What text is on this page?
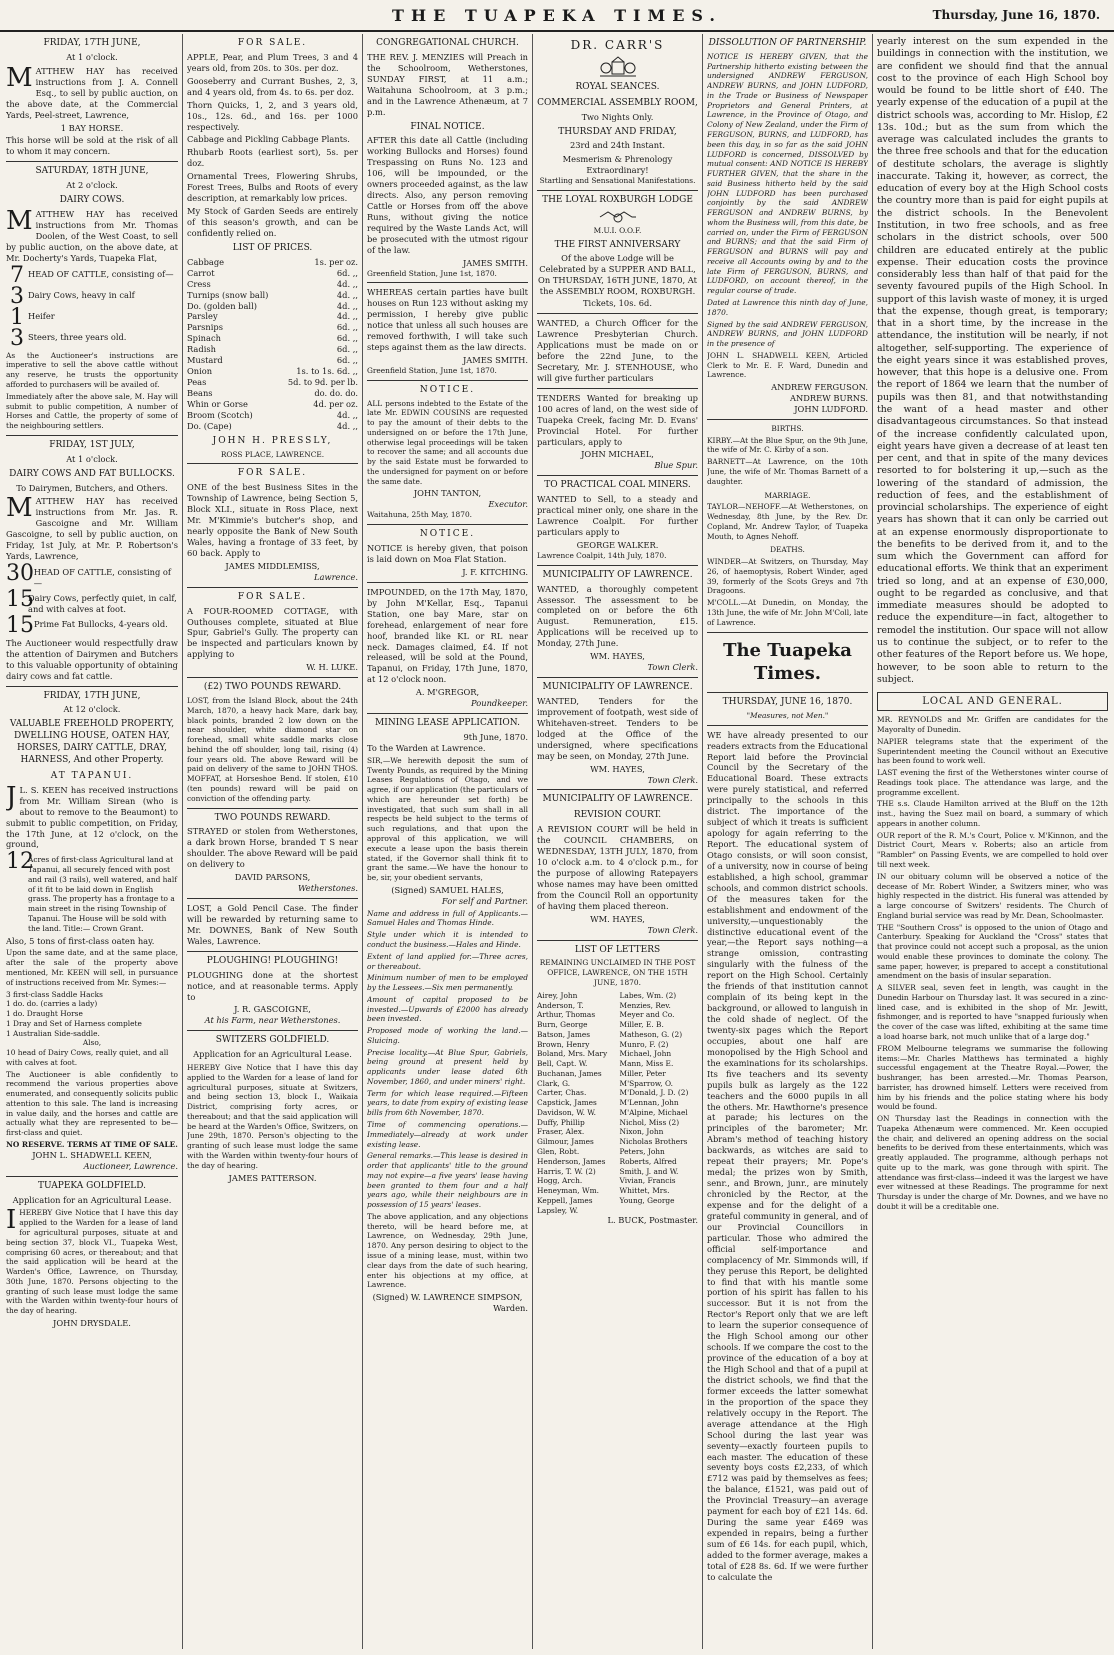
THE TUAPEKA TIMES.	Thursday, June 16, 1870.
FRIDAY, 17TH JUNE,
At 1 o'clock.
MATTHEW HAY has received instructions from J. A. Connell Esq., to sell by public auction, on the above date, at the Commercial Yards, Peel-street, Lawrence,
1 BAY HORSE.
This horse will be sold at the risk of all to whom it may concern.
SATURDAY, 18TH JUNE,
At 2 o'clock.
DAIRY COWS.
MATTHEW HAY has received instructions from Mr. Thomas Doolen, of the West Coast, to sell by public auction, on the above date, at Mr. Docherty's Yards, Tuapeka Flat,
7 HEAD OF CATTLE, consisting of—
3 Dairy Cows, heavy in calf
1 Heifer
3 Steers, three years old.
As the Auctioneer's instructions are imperative to sell the above cattle without any reserve, he trusts the opportunity afforded to purchasers will be availed of.
Immediately after the above sale, M. Hay will submit to public competition, A number of Horses and Cattle, the property of some of the neighbouring settlers.
FRIDAY, 1ST JULY,
At 1 o'clock.
DAIRY COWS AND FAT BULLOCKS.
To Dairymen, Butchers, and Others.
MATTHEW HAY has received instructions from Mr. Jas. R. Gascoigne and Mr. William Gascoigne, to sell by public auction, on Friday, 1st July, at Mr. P. Robertson's Yards, Lawrence,
30 HEAD OF CATTLE, consisting of—
15
Dairy Cows, perfectly quiet, in calf, and with calves at foot.
15 Prime Fat Bullocks, 4-years old.
The Auctioneer would respectfully draw the attention of Dairymen and Butchers to this valuable opportunity of obtaining dairy cows and fat cattle.
FRIDAY, 17TH JUNE,
At 12 o'clock.
VALUABLE FREEHOLD PROPERTY, DWELLING HOUSE, OATEN HAY, HORSES, DAIRY CATTLE, DRAY, HARNESS, And other Property.
AT TAPANUI.
J L. S. KEEN has received instructions from Mr. William Sirean (who is about to remove to the Beaumont) to submit to public competition, on Friday, the 17th June, at 12 o'clock, on the ground,
12
Acres of first-class Agricultural land at Tapanui, all securely fenced with post and rail (3 rails), well watered, and half of it fit to be laid down in English grass. The property has a frontage to a main street in the rising Township of Tapanui. The House will be sold with the land. Title:— Crown Grant.
Also, 5 tons of first-class oaten hay.
Upon the same date, and at the same place, after the sale of the property above mentioned, Mr. KEEN will sell, in pursuance of instructions received from Mr. Symes:—
3 first-class Saddle Hacks
1 do. do. (carries a lady)
1 do. Draught Horse
1 Dray and Set of Harness complete
1 Australian Side-saddle.
Also,
10 head of Dairy Cows, really quiet, and all with calves at foot.
The Auctioneer is able confidently to recommend the various properties above enumerated, and consequently solicits public attention to this sale. The land is increasing in value daily, and the horses and cattle are actually what they are represented to be—first-class and quiet.
NO RESERVE. TERMS AT TIME OF SALE.
JOHN L. SHADWELL KEEN,
Auctioneer, Lawrence.
TUAPEKA GOLDFIELD.
Application for an Agricultural Lease.
IHEREBY Give Notice that I have this day applied to the Warden for a lease of land for agricultural purposes, situate at and being section 37, block VI., Tuapeka West, comprising 60 acres, or thereabout; and that the said application will be heard at the Warden's Office, Lawrence, on Thursday, 30th June, 1870. Persons objecting to the granting of such lease must lodge the same with the Warden within twenty-four hours of the day of hearing.
JOHN DRYSDALE.
FOR SALE.
APPLE, Pear, and Plum Trees, 3 and 4 years old, from 20s. to 30s. per doz.
Gooseberry and Currant Bushes, 2, 3, and 4 years old, from 4s. to 6s. per doz.
Thorn Quicks, 1, 2, and 3 years old, 10s., 12s. 6d., and 16s. per 1000 respectively.
Cabbage and Pickling Cabbage Plants.
Rhubarb Roots (earliest sort), 5s. per doz.
Ornamental Trees, Flowering Shrubs, Forest Trees, Bulbs and Roots of every description, at remarkably low prices.
My Stock of Garden Seeds are entirely of this season's growth, and can be confidently relied on.
LIST OF PRICES.
Cabbage	1s. per oz.
Carrot	6d. ,,
Cress	4d. ,,
Turnips (snow ball)	4d. ,,
Do. (golden ball)	4d. ,,
Parsley	4d. ,,
Parsnips	6d. ,,
Spinach	6d. ,,
Radish	6d. ,,
Mustard	6d. ,,
Onion	1s. to 1s. 6d. ,,
Peas	5d. to 9d. per lb.
Beans	do. do. do.
Whin or Gorse	4d. per oz.
Broom (Scotch)	4d. ,,
Do. (Cape)	4d. ,,
JOHN H. PRESSLY,
ROSS PLACE, LAWRENCE.
FOR SALE.
ONE of the best Business Sites in the Township of Lawrence, being Section 5, Block XLI., situate in Ross Place, next Mr. M'Kimmie's butcher's shop, and nearly opposite the Bank of New South Wales, having a frontage of 33 feet, by 60 back. Apply to
JAMES MIDDLEMISS,
Lawrence.
FOR SALE.
A FOUR-ROOMED COTTAGE, with Outhouses complete, situated at Blue Spur, Gabriel's Gully. The property can be inspected and particulars known by applying to
W. H. LUKE.
(£2) TWO POUNDS REWARD.
LOST, from the Island Block, about the 24th March, 1870, a heavy hack Mare, dark bay, black points, branded 2 low down on the near shoulder, white diamond star on forehead, small white saddle marks close behind the off shoulder, long tail, rising (4) four years old. The above Reward will be paid on delivery of the same to JOHN THOS. MOFFAT, at Horseshoe Bend. If stolen, £10 (ten pounds) reward will be paid on conviction of the offending party.
TWO POUNDS REWARD.
STRAYED or stolen from Wetherstones, a dark brown Horse, branded T S near shoulder. The above Reward will be paid on delivery to
DAVID PARSONS,
Wetherstones.
LOST, a Gold Pencil Case. The finder will be rewarded by returning same to Mr. DOWNES, Bank of New South Wales, Lawrence.
PLOUGHING! PLOUGHING!
PLOUGHING done at the shortest notice, and at reasonable terms. Apply to
J. R. GASCOIGNE,
At his Farm, near Wetherstones.
SWITZERS GOLDFIELD.
Application for an Agricultural Lease.
HEREBY Give Notice that I have this day applied to the Warden for a lease of land for agricultural purposes, situate at Switzers, and being section 13, block I., Waikaia District, comprising forty acres, or thereabout; and that the said application will be heard at the Warden's Office, Switzers, on June 29th, 1870. Person's objecting to the granting of such lease must lodge the same with the Warden within twenty-four hours of the day of hearing.
JAMES PATTERSON.
CONGREGATIONAL CHURCH.
THE REV. J. MENZIES will Preach in the Schoolroom, Wetherstones, SUNDAY FIRST, at 11 a.m.; Waitahuna Schoolroom, at 3 p.m.; and in the Lawrence Athenæum, at 7 p.m.
FINAL NOTICE.
AFTER this date all Cattle (including working Bullocks and Horses) found Trespassing on Runs No. 123 and 106, will be impounded, or the owners proceeded against, as the law directs. Also, any person removing Cattle or Horses from off the above Runs, without giving the notice required by the Waste Lands Act, will be prosecuted with the utmost rigour of the law.
JAMES SMITH.
Greenfield Station, June 1st, 1870.
WHEREAS certain parties have built houses on Run 123 without asking my permission, I hereby give public notice that unless all such houses are removed forthwith, I will take such steps against them as the law directs.
JAMES SMITH.
Greenfield Station, June 1st, 1870.
NOTICE.
ALL persons indebted to the Estate of the late Mr. EDWIN COUSINS are requested to pay the amount of their debts to the undersigned on or before the 17th June, otherwise legal proceedings will be taken to recover the same; and all accounts due by the said Estate must be forwarded to the undersigned for payment on or before the same date.
JOHN TANTON,
Executor.
Waitahuna, 25th May, 1870.
NOTICE.
NOTICE is hereby given, that poison is laid down on Moa Flat Station.
J. F. KITCHING.
IMPOUNDED, on the 17th May, 1870, by John M'Kellar, Esq., Tapanui Station, one bay Mare, star on forehead, enlargement of near fore hoof, branded like KL or RL near neck. Damages claimed, £4. If not released, will be sold at the Pound, Tapanui, on Friday, 17th June, 1870, at 12 o'clock noon.
A. M'GREGOR,
Poundkeeper.
MINING LEASE APPLICATION.
9th June, 1870.
To the Warden at Lawrence.
SIR,—We herewith deposit the sum of Twenty Pounds, as required by the Mining Leases Regulations of Otago, and we agree, if our application (the particulars of which are hereunder set forth) be investigated, that such sum shall in all respects be held subject to the terms of such regulations, and that upon the approval of this application, we will execute a lease upon the basis therein stated, if the Governor shall think fit to grant the same.—We have the honour to be, sir, your obedient servants,
(Signed) SAMUEL HALES,
For self and Partner.
Name and address in full of Applicants.—Samuel Hales and Thomas Hinde.
Style under which it is intended to conduct the business.—Hales and Hinde.
Extent of land applied for.—Three acres, or thereabout.
Minimum number of men to be employed by the Lessees.—Six men permanently.
Amount of capital proposed to be invested.—Upwards of £2000 has already been invested.
Proposed mode of working the land.—Sluicing.
Precise locality.—At Blue Spur, Gabriels, being ground at present held by applicants under lease dated 6th November, 1860, and under miners' right.
Term for which lease required.—Fifteen years, to date from expiry of existing lease bills from 6th November, 1870.
Time of commencing operations.—Immediately—already at work under existing lease.
General remarks.—This lease is desired in order that applicants' title to the ground may not expire—a five years' lease having been granted to them four and a half years ago, while their neighbours are in possession of 15 years' leases.
The above application, and any objections thereto, will be heard before me, at Lawrence, on Wednesday, 29th June, 1870. Any person desiring to object to the issue of a mining lease, must, within two clear days from the date of such hearing, enter his objections at my office, at Lawrence.
(Signed) W. LAWRENCE SIMPSON,
Warden.
DR. CARR'S
ROYAL SEANCES.
COMMERCIAL ASSEMBLY ROOM,
Two Nights Only.
THURSDAY AND FRIDAY,
23rd and 24th Instant.
Mesmerism & Phrenology Extraordinary!
Startling and Sensational Manifestations.
THE LOYAL ROXBURGH LODGE
M.U.I. O.O.F.
THE FIRST ANNIVERSARY
Of the above Lodge will be Celebrated by a SUPPER AND BALL, On THURSDAY, 16TH JUNE, 1870, At the ASSEMBLY ROOM, ROXBURGH.
Tickets, 10s. 6d.
WANTED, a Church Officer for the Lawrence Presbyterian Church. Applications must be made on or before the 22nd June, to the Secretary, Mr. J. STENHOUSE, who will give further particulars
TENDERS Wanted for breaking up 100 acres of land, on the west side of Tuapeka Creek, facing Mr. D. Evans' Provincial Hotel. For further particulars, apply to
JOHN MICHAEL,
Blue Spur.
TO PRACTICAL COAL MINERS.
WANTED to Sell, to a steady and practical miner only, one share in the Lawrence Coalpit. For further particulars apply to
GEORGE WALKER.
Lawrence Coalpit, 14th July, 1870.
MUNICIPALITY OF LAWRENCE.
WANTED, a thoroughly competent Assessor. The assessment to be completed on or before the 6th August. Remuneration, £15. Applications will be received up to Monday, 27th June.
WM. HAYES,
Town Clerk.
MUNICIPALITY OF LAWRENCE.
WANTED, Tenders for the improvement of footpath, west side of Whitehaven-street. Tenders to be lodged at the Office of the undersigned, where specifications may be seen, on Monday, 27th June.
WM. HAYES,
Town Clerk.
MUNICIPALITY OF LAWRENCE.
REVISION COURT.
A REVISION COURT will be held in the COUNCIL CHAMBERS, on WEDNESDAY, 13TH JULY, 1870, from 10 o'clock a.m. to 4 o'clock p.m., for the purpose of allowing Ratepayers whose names may have been omitted from the Council Roll an opportunity of having them placed thereon.
WM. HAYES,
Town Clerk.
LIST OF LETTERS
REMAINING UNCLAIMED IN THE POST OFFICE, LAWRENCE, ON THE 15TH JUNE, 1870.
Airey, John	Labes, Wm. (2)
Anderson, T.	Menzies, Rev.
Arthur, Thomas	Meyer and Co.
Burn, George	Miller, E. B.
Batson, James	Matheson, G. (2)
Brown, Henry	Munro, F. (2)
Boland, Mrs. Mary	Michael, John
Bell, Capt. W.	Mann, Miss E.
Buchanan, James	Miller, Peter
Clark, G.	M'Sparrow, O.
Carter, Chas.	M'Donald, J. D. (2)
Capstick, James	M'Lennan, John
Davidson, W. W.	M'Alpine, Michael
Duffy, Phillip	Nichol, Miss (2)
Fraser, Alex.	Nixon, John
Gilmour, James	Nicholas Brothers
Glen, Robt.	Peters, John
Henderson, James	Roberts, Alfred
Harris, T. W. (2)	Smith, J. and W.
Hogg, Arch.	Vivian, Francis
Heneyman, Wm.	Whittet, Mrs.
Keppell, James	Young, George
Lapsley, W.
L. BUCK, Postmaster.
DISSOLUTION OF PARTNERSHIP.
NOTICE IS HEREBY GIVEN, that the Partnership hitherto existing between the undersigned ANDREW FERGUSON, ANDREW BURNS, and JOHN LUDFORD, in the Trade or Business of Newspaper Proprietors and General Printers, at Lawrence, in the Province of Otago, and Colony of New Zealand, under the Firm of FERGUSON, BURNS, and LUDFORD, has been this day, in so far as the said JOHN LUDFORD is concerned, DISSOLVED by mutual consent: AND NOTICE IS HEREBY FURTHER GIVEN, that the share in the said Business hitherto held by the said JOHN LUDFORD has been purchased conjointly by the said ANDREW FERGUSON and ANDREW BURNS, by whom the Business will, from this date, be carried on, under the Firm of FERGUSON and BURNS; and that the said Firm of FERGUSON and BURNS will pay and receive all Accounts owing by and to the late Firm of FERGUSON, BURNS, and LUDFORD, on account thereof, in the regular course of trade.
Dated at Lawrence this ninth day of June, 1870.
Signed by the said ANDREW FERGUSON, ANDREW BURNS, and JOHN LUDFORD in the presence of
JOHN L. SHADWELL KEEN, Articled Clerk to Mr. E. F. Ward, Dunedin and Lawrence.
ANDREW FERGUSON.
ANDREW BURNS.
JOHN LUDFORD.
BIRTHS.
KIRBY.—At the Blue Spur, on the 9th June, the wife of Mr. C. Kirby of a son.
BARNETT—At Lawrence, on the 10th June, the wife of Mr. Thomas Barnett of a daughter.
MARRIAGE.
TAYLOR—NEHOFF.—At Wetherstones, on Wednesday, 8th June, by the Rev. Dr. Copland, Mr. Andrew Taylor, of Tuapeka Mouth, to Agnes Nehoff.
DEATHS.
WINDER—At Switzers, on Thursday, May 26, of haemoptysis, Robert Winder, aged 39, formerly of the Scots Greys and 7th Dragoons.
M'COLL.—At Dunedin, on Monday, the 13th June, the wife of Mr. John M'Coll, late of Lawrence.
The Tuapeka Times.
THURSDAY, JUNE 16, 1870.
"Measures, not Men."
WE have already presented to our readers extracts from the Educational Report laid before the Provincial Council by the Secretary of the Educational Board. These extracts were purely statistical, and referred principally to the schools in this district. The importance of the subject of which it treats is sufficient apology for again referring to the Report. The educational system of Otago consists, or will soon consist, of a university, now in course of being established, a high school, grammar schools, and common district schools. Of the measures taken for the establishment and endowment of the university,—unquestionably the distinctive educational event of the year,—the Report says nothing—a strange omission, contrasting singularly with the fulness of the report on the High School. Certainly the friends of that institution cannot complain of its being kept in the background, or allowed to languish in the cold shade of neglect. Of the twenty-six pages which the Report occupies, about one half are monopolised by the High School and the examinations for its scholarships. Its five teachers and its seventy pupils bulk as largely as the 122 teachers and the 6000 pupils in all the others. Mr. Hawthorne's presence at parade; his lectures on the principles of the barometer; Mr. Abram's method of teaching history backwards, as witches are said to repeat their prayers; Mr. Pope's medal; the prizes won by Smith, senr., and Brown, junr., are minutely chronicled by the Rector, at the expense and for the delight of a grateful community in general, and of our Provincial Councillors in particular. Those who admired the official self-importance and complacency of Mr. Simmonds will, if they peruse this Report, be delighted to find that with his mantle some portion of his spirit has fallen to his successor. But it is not from the Rector's Report only that we are left to learn the superior consequence of the High School among our other schools. If we compare the cost to the province of the education of a boy at the High School and that of a pupil at the district schools, we find that the former exceeds the latter somewhat in the proportion of the space they relatively occupy in the Report. The average attendance at the High School during the last year was seventy—exactly fourteen pupils to each master. The education of these seventy boys costs £2,233, of which £712 was paid by themselves as fees; the balance, £1521, was paid out of the Provincial Treasury—an average payment for each boy of £21 14s. 6d. During the same year £469 was expended in repairs, being a further sum of £6 14s. for each pupil, which, added to the former average, makes a total of £28 8s. 6d. If we were further to calculate the
yearly interest on the sum expended in the buildings in connection with the institution, we are confident we should find that the annual cost to the province of each High School boy would be found to be little short of £40. The yearly expense of the education of a pupil at the district schools was, according to Mr. Hislop, £2 13s. 10d.; but as the sum from which the average was calculated includes the grants to the three free schools and that for the education of destitute scholars, the average is slightly inaccurate. Taking it, however, as correct, the education of every boy at the High School costs the country more than is paid for eight pupils at the district schools. In the Benevolent Institution, in two free schools, and as free scholars in the district schools, over 500 children are educated entirely at the public expense. Their education costs the province considerably less than half of that paid for the seventy favoured pupils of the High School. In support of this lavish waste of money, it is urged that the expense, though great, is temporary; that in a short time, by the increase in the attendance, the institution will be nearly, if not altogether, self-supporting. The experience of the eight years since it was established proves, however, that this hope is a delusive one. From the report of 1864 we learn that the number of pupils was then 81, and that notwithstanding the want of a head master and other disadvantageous circumstances. So that instead of the increase confidently calculated upon, eight years have given a decrease of at least ten per cent, and that in spite of the many devices resorted to for bolstering it up,—such as the lowering of the standard of admission, the reduction of fees, and the establishment of provincial scholarships. The experience of eight years has shown that it can only be carried out at an expense enormously disproportionate to the benefits to be derived from it, and to the sum which the Government can afford for educational efforts. We think that an experiment tried so long, and at an expense of £30,000, ought to be regarded as conclusive, and that immediate measures should be adopted to reduce the expenditure—in fact, altogether to remodel the institution. Our space will not allow us to continue the subject, or to refer to the other features of the Report before us. We hope, however, to be soon able to return to the subject.
LOCAL AND GENERAL.
MR. REYNOLDS and Mr. Griffen are candidates for the Mayoralty of Dunedin.
NAPIER telegrams state that the experiment of the Superintendent meeting the Council without an Executive has been found to work well.
LAST evening the first of the Wetherstones winter course of Readings took place. The attendance was large, and the programme excellent.
THE s.s. Claude Hamilton arrived at the Bluff on the 12th inst., having the Suez mail on board, a summary of which appears in another column.
OUR report of the R. M.'s Court, Police v. M'Kinnon, and the District Court, Mears v. Roberts; also an article from "Rambler" on Passing Events, we are compelled to hold over till next week.
IN our obituary column will be observed a notice of the decease of Mr. Robert Winder, a Switzers miner, who was highly respected in the district. His funeral was attended by a large concourse of Switzers' residents. The Church of England burial service was read by Mr. Dean, Schoolmaster.
THE "Southern Cross" is opposed to the union of Otago and Canterbury. Speaking for Auckland the "Cross" states that that province could not accept such a proposal, as the union would enable these provinces to dominate the colony. The same paper, however, is prepared to accept a constitutional amendment on the basis of insular separation.
A SILVER seal, seven feet in length, was caught in the Dunedin Harbour on Thursday last. It was secured in a zinc-lined case, and is exhibited in the shop of Mr. Jewitt, fishmonger, and is reported to have "snapped furiously when the cover of the case was lifted, exhibiting at the same time a load hoarse bark, not much unlike that of a large dog."
FROM Melbourne telegrams we summarise the following items:—Mr. Charles Matthews has terminated a highly successful engagement at the Theatre Royal.—Power, the bushranger, has been arrested.—Mr. Thomas Pearson, barrister, has drowned himself. Letters were received from him by his friends and the police stating where his body would be found.
ON Thursday last the Readings in connection with the Tuapeka Athenæum were commenced. Mr. Keen occupied the chair, and delivered an opening address on the social benefits to be derived from these entertainments, which was greatly applauded. The programme, although perhaps not quite up to the mark, was gone through with spirit. The attendance was first-class—indeed it was the largest we have ever witnessed at these Readings. The programme for next Thursday is under the charge of Mr. Downes, and we have no doubt it will be a creditable one.
